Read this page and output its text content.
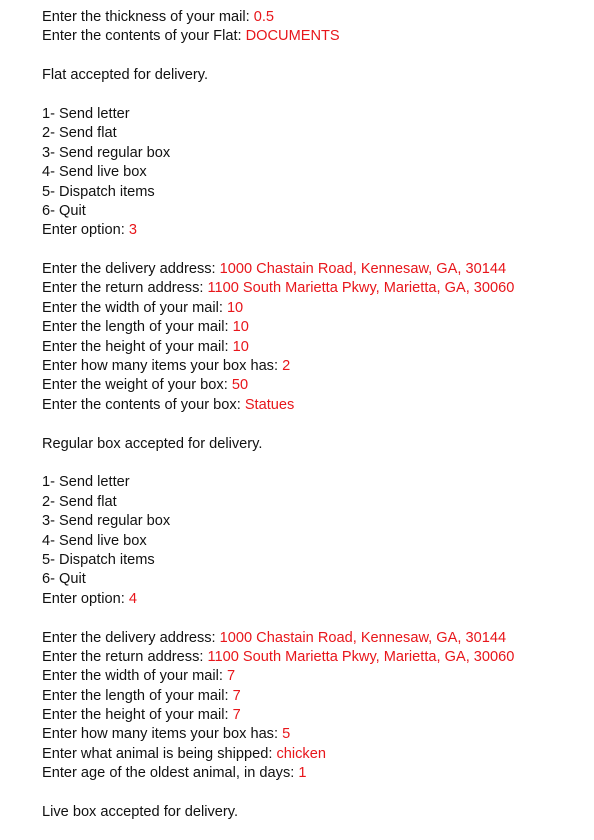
Enter the thickness of your mail: 0.5
Enter the contents of your Flat: DOCUMENTS
Flat accepted for delivery.
1- Send letter
2- Send flat
3- Send regular box
4- Send live box
5- Dispatch items
6- Quit
Enter option: 3
Enter the delivery address: 1000 Chastain Road, Kennesaw, GA, 30144
Enter the return address: 1100 South Marietta Pkwy, Marietta, GA, 30060
Enter the width of your mail: 10
Enter the length of your mail: 10
Enter the height of your mail: 10
Enter how many items your box has: 2
Enter the weight of your box: 50
Enter the contents of your box: Statues
Regular box accepted for delivery.
1- Send letter
2- Send flat
3- Send regular box
4- Send live box
5- Dispatch items
6- Quit
Enter option: 4
Enter the delivery address: 1000 Chastain Road, Kennesaw, GA, 30144
Enter the return address: 1100 South Marietta Pkwy, Marietta, GA, 30060
Enter the width of your mail: 7
Enter the length of your mail: 7
Enter the height of your mail: 7
Enter how many items your box has: 5
Enter what animal is being shipped: chicken
Enter age of the oldest animal, in days: 1
Live box accepted for delivery.
